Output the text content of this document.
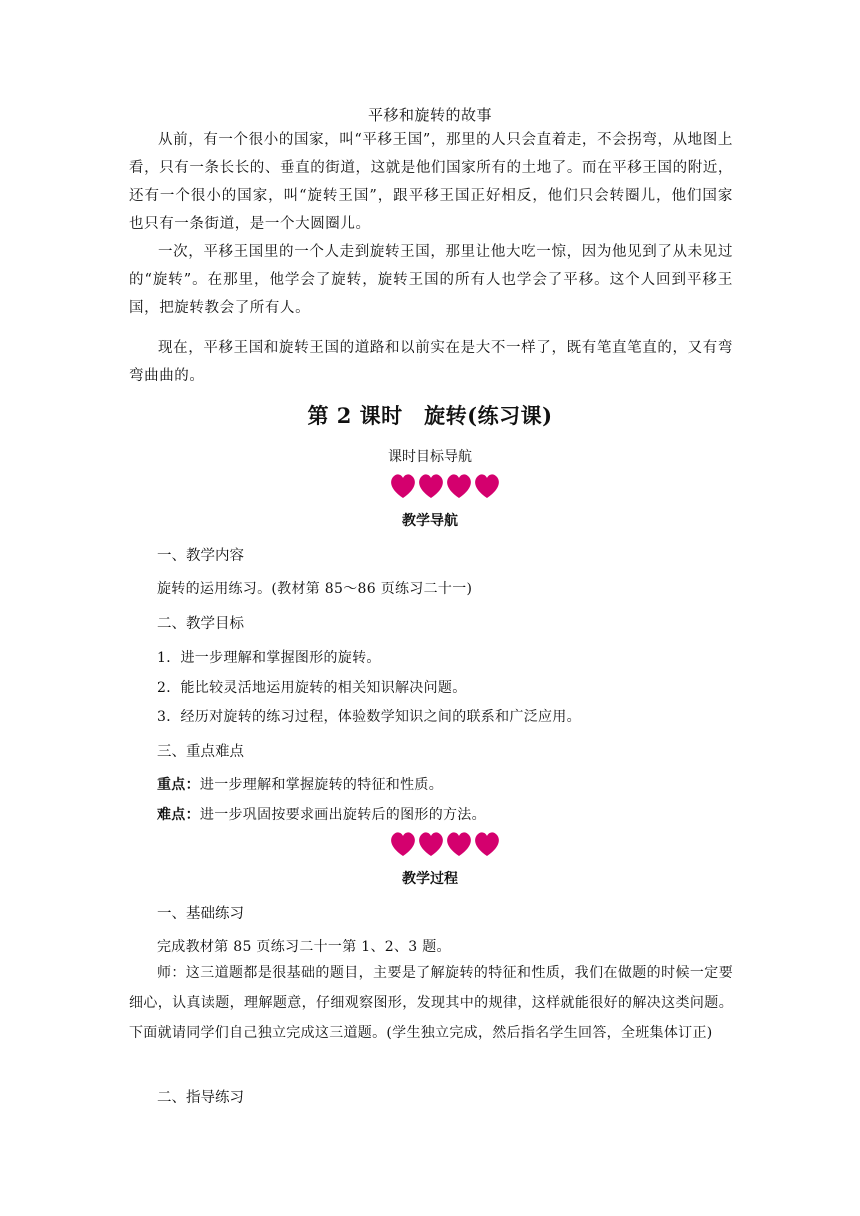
平移和旋转的故事

从前，有一个很小的国家，叫“平移王国”，那里的人只会直着走，不会拐弯，从地图上看，只有一条长长的、垂直的街道，这就是他们国家所有的土地了。而在平移王国的附近，还有一个很小的国家，叫“旋转王国”，跟平移王国正好相反，他们只会转圈儿，他们国家也只有一条街道，是一个大圆圈儿。

一次，平移王国里的一个人走到旋转王国，那里让他大吃一惊，因为他见到了从未见过的“旋转”。在那里，他学会了旋转，旋转王国的所有人也学会了平移。这个人回到平移王国，把旋转教会了所有人。

现在，平移王国和旋转王国的道路和以前实在是大不一样了，既有笔直笔直的，又有弯弯曲曲的。

第 2 课时　旋转(练习课)
课时目标导航
教学导航
一、教学内容
旋转的运用练习。(教材第 85～86 页练习二十一)
二、教学目标
1．进一步理解和掌握图形的旋转。
2．能比较灵活地运用旋转的相关知识解决问题。
3．经历对旋转的练习过程，体验数学知识之间的联系和广泛应用。
三、重点难点
重点：进一步理解和掌握旋转的特征和性质。
难点：进一步巩固按要求画出旋转后的图形的方法。
教学过程
一、基础练习
完成教材第 85 页练习二十一第 1、2、3 题。

师：这三道题都是很基础的题目，主要是了解旋转的特征和性质，我们在做题的时候一定要细心，认真读题，理解题意，仔细观察图形，发现其中的规律，这样就能很好的解决这类问题。下面就请同学们自己独立完成这三道题。(学生独立完成，然后指名学生回答，全班集体订正)

二、指导练习
